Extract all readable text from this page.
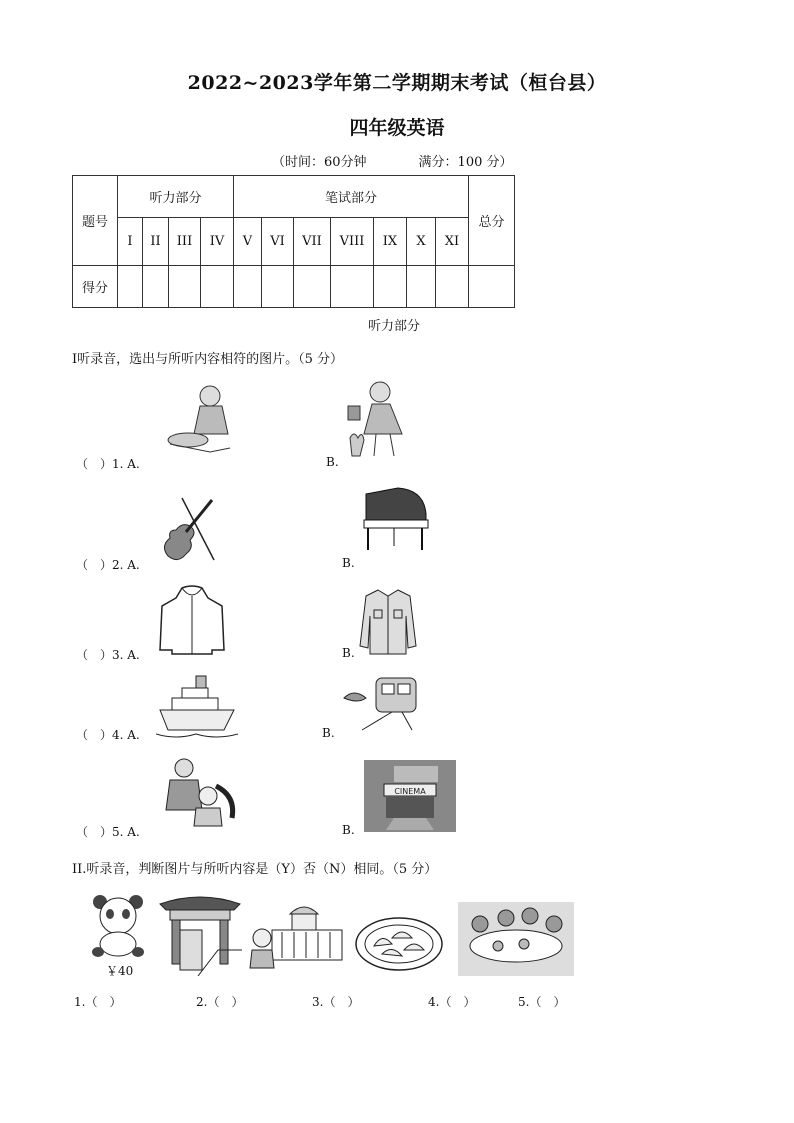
2022~2023学年第二学期期末考试（桓台县）
四年级英语
（时间：60分钟	满分：100 分）
题号	听力部分				笔试部分							总分
	I	II	III	IV	V	VI	VII	VIII	IX	X	XI	
得分												
听力部分
I听录音，选出与所听内容相符的图片。（5 分）
（　）1. A.	B.
（　）2. A.	B.
（　）3. A.	B.
（　）4. A.	B.
（　）5. A.	B.
CINEMA
II.听录音，判断图片与所听内容是（Y）否（N）相同。（5 分）
￥40
1.（　）	2.（　）	3.（　）	4.（　）	5.（　）
